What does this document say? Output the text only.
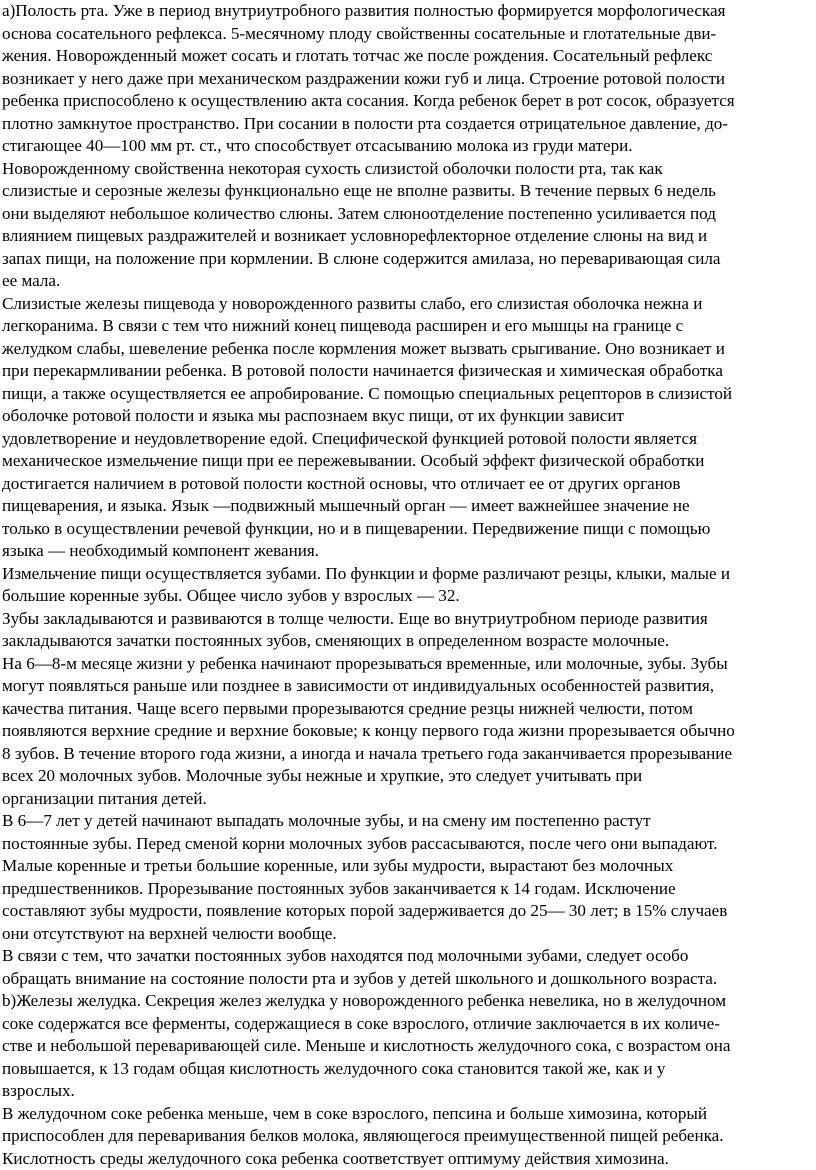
а)Полость рта. Уже в период внутриутробного развития полностью формируется морфологическая
основа сосательного рефлекса. 5-месячному плоду свойственны сосательные и глотательные дви-
жения. Новорожденный может сосать и глотать тотчас же после рождения. Сосательный рефлекс
возникает у него даже при механическом раздражении кожи губ и лица. Строение ротовой полости
ребенка приспособлено к осуществлению акта сосания. Когда ребенок берет в рот сосок, образуется
плотно замкнутое пространство. При сосании в полости рта создается отрицательное давление, до-
стигающее 40—100 мм рт. ст., что способствует отсасыванию молока из груди матери.
Новорожденному свойственна некоторая сухость слизистой оболочки полости рта, так как
слизистые и серозные железы функционально еще не вполне развиты. В течение первых 6 недель
они выделяют небольшое количество слюны. Затем слюноотделение постепенно усиливается под
влиянием пищевых раздражителей и возникает условнорефлекторное отделение слюны на вид и
запах пищи, на положение при кормлении. В слюне содержится амилаза, но переваривающая сила
ее мала.
Слизистые железы пищевода у новорожденного развиты слабо, его слизистая оболочка нежна и
легкоранима. В связи с тем что нижний конец пищевода расширен и его мышцы на границе с
желудком слабы, шевеление ребенка после кормления может вызвать срыгивание. Оно возникает и
при перекармливании ребенка. В ротовой полости начинается физическая и химическая обработка
пищи, а также осуществляется ее апробирование. С помощью специальных рецепторов в слизистой
оболочке ротовой полости и языка мы распознаем вкус пищи, от их функции зависит
удовлетворение и неудовлетворение едой. Специфической функцией ротовой полости является
механическое измельчение пищи при ее пережевывании. Особый эффект физической обработки
достигается наличием в ротовой полости костной основы, что отличает ее от других органов
пищеварения, и языка. Язык —подвижный мышечный орган — имеет важнейшее значение не
только в осуществлении речевой функции, но и в пищеварении. Передвижение пищи с помощью
языка — необходимый компонент жевания.
Измельчение пищи осуществляется зубами. По функции и форме различают резцы, клыки, малые и
большие коренные зубы. Общее число зубов у взрослых — 32.
Зубы закладываются и развиваются в толще челюсти. Еще во внутриутробном периоде развития
закладываются зачатки постоянных зубов, сменяющих в определенном возрасте молочные.
На 6—8-м месяце жизни у ребенка начинают прорезываться временные, или молочные, зубы. Зубы
могут появляться раньше или позднее в зависимости от индивидуальных особенностей развития,
качества питания. Чаще всего первыми прорезываются средние резцы нижней челюсти, потом
появляются верхние средние и верхние боковые; к концу первого года жизни прорезывается обычно
8 зубов. В течение второго года жизни, а иногда и начала третьего года заканчивается прорезывание
всех 20 молочных зубов. Молочные зубы нежные и хрупкие, это следует учитывать при
организации питания детей.
В 6—7 лет у детей начинают выпадать молочные зубы, и на смену им постепенно растут
постоянные зубы. Перед сменой корни молочных зубов рассасываются, после чего они выпадают.
Малые коренные и третьи большие коренные, или зубы мудрости, вырастают без молочных
предшественников. Прорезывание постоянных зубов заканчивается к 14 годам. Исключение
составляют зубы мудрости, появление которых порой задерживается до 25— 30 лет; в 15% случаев
они отсутствуют на верхней челюсти вообще.
В связи с тем, что зачатки постоянных зубов находятся под молочными зубами, следует особо
обращать внимание на состояние полости рта и зубов у детей школьного и дошкольного возраста.
b)Железы желудка. Секреция желез желудка у новорожденного ребенка невелика, но в желудочном
соке содержатся все ферменты, содержащиеся в соке взрослого, отличие заключается в их количе-
стве и небольшой переваривающей силе. Меньше и кислотность желудочного сока, с возрастом она
повышается, к 13 годам общая кислотность желудочного сока становится такой же, как и у
взрослых.
В желудочном соке ребенка меньше, чем в соке взрослого, пепсина и больше химозина, который
приспособлен для переваривания белков молока, являющегося преимущественной пищей ребенка.
Кислотность среды желудочного сока ребенка соответствует оптимуму действия химозина.
